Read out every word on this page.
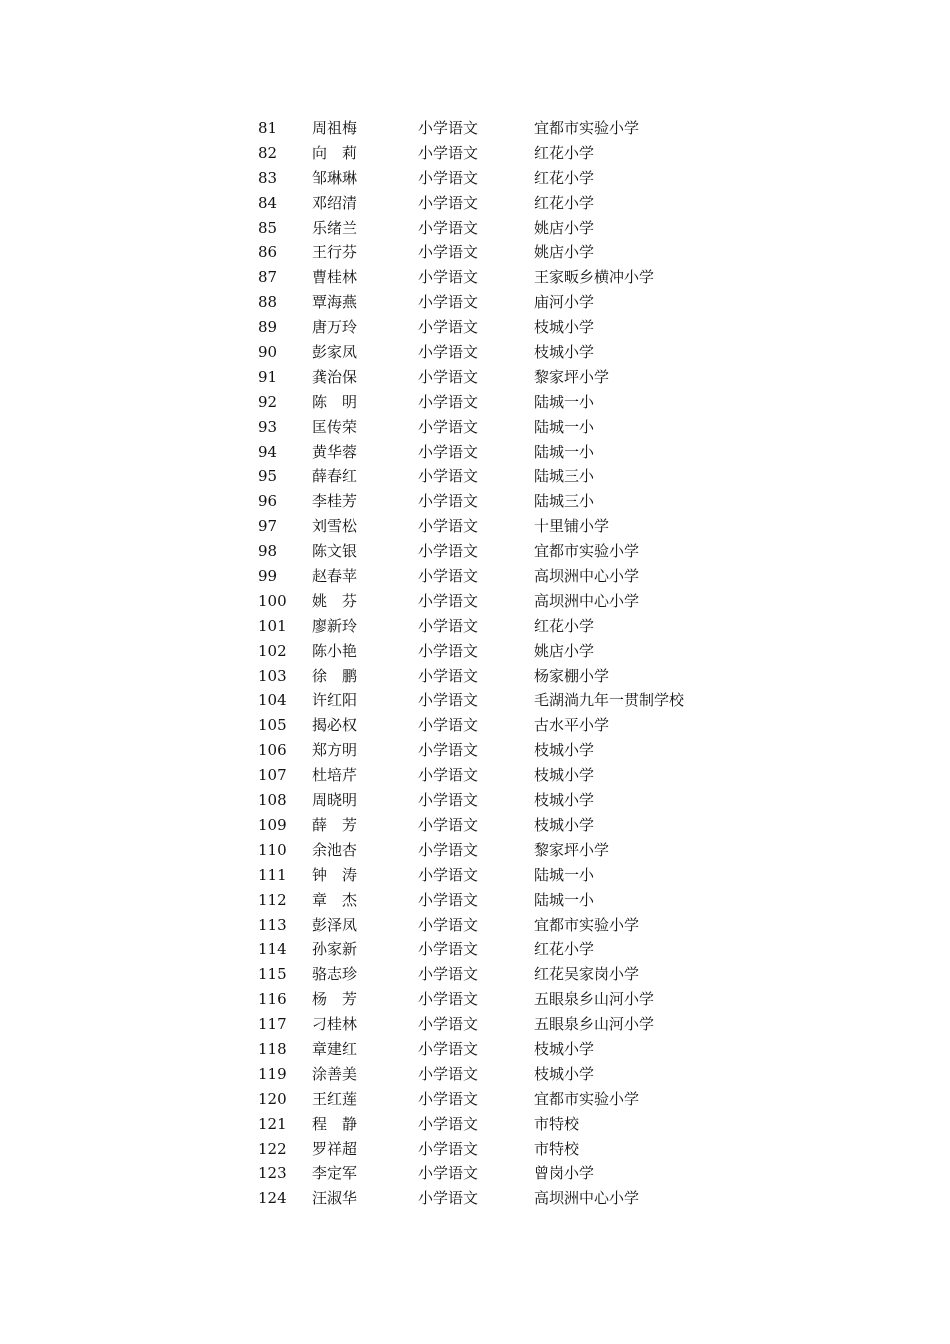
81	周祖梅	小学语文	宜都市实验小学
82	向　莉	小学语文	红花小学
83	邹琳琳	小学语文	红花小学
84	邓绍清	小学语文	红花小学
85	乐绪兰	小学语文	姚店小学
86	王行芬	小学语文	姚店小学
87	曹桂林	小学语文	王家畈乡横冲小学
88	覃海燕	小学语文	庙河小学
89	唐万玲	小学语文	枝城小学
90	彭家凤	小学语文	枝城小学
91	龚治保	小学语文	黎家坪小学
92	陈　明	小学语文	陆城一小
93	匡传荣	小学语文	陆城一小
94	黄华蓉	小学语文	陆城一小
95	薛春红	小学语文	陆城三小
96	李桂芳	小学语文	陆城三小
97	刘雪松	小学语文	十里铺小学
98	陈文银	小学语文	宜都市实验小学
99	赵春苹	小学语文	高坝洲中心小学
100	姚　芬	小学语文	高坝洲中心小学
101	廖新玲	小学语文	红花小学
102	陈小艳	小学语文	姚店小学
103	徐　鹏	小学语文	杨家棚小学
104	许红阳	小学语文	毛湖淌九年一贯制学校
105	揭必权	小学语文	古水平小学
106	郑方明	小学语文	枝城小学
107	杜培芹	小学语文	枝城小学
108	周晓明	小学语文	枝城小学
109	薛　芳	小学语文	枝城小学
110	余池杏	小学语文	黎家坪小学
111	钟　涛	小学语文	陆城一小
112	章　杰	小学语文	陆城一小
113	彭泽凤	小学语文	宜都市实验小学
114	孙家新	小学语文	红花小学
115	骆志珍	小学语文	红花吴家岗小学
116	杨　芳	小学语文	五眼泉乡山河小学
117	刁桂林	小学语文	五眼泉乡山河小学
118	章建红	小学语文	枝城小学
119	涂善美	小学语文	枝城小学
120	王红莲	小学语文	宜都市实验小学
121	程　静	小学语文	市特校
122	罗祥超	小学语文	市特校
123	李定军	小学语文	曾岗小学
124	汪淑华	小学语文	高坝洲中心小学
